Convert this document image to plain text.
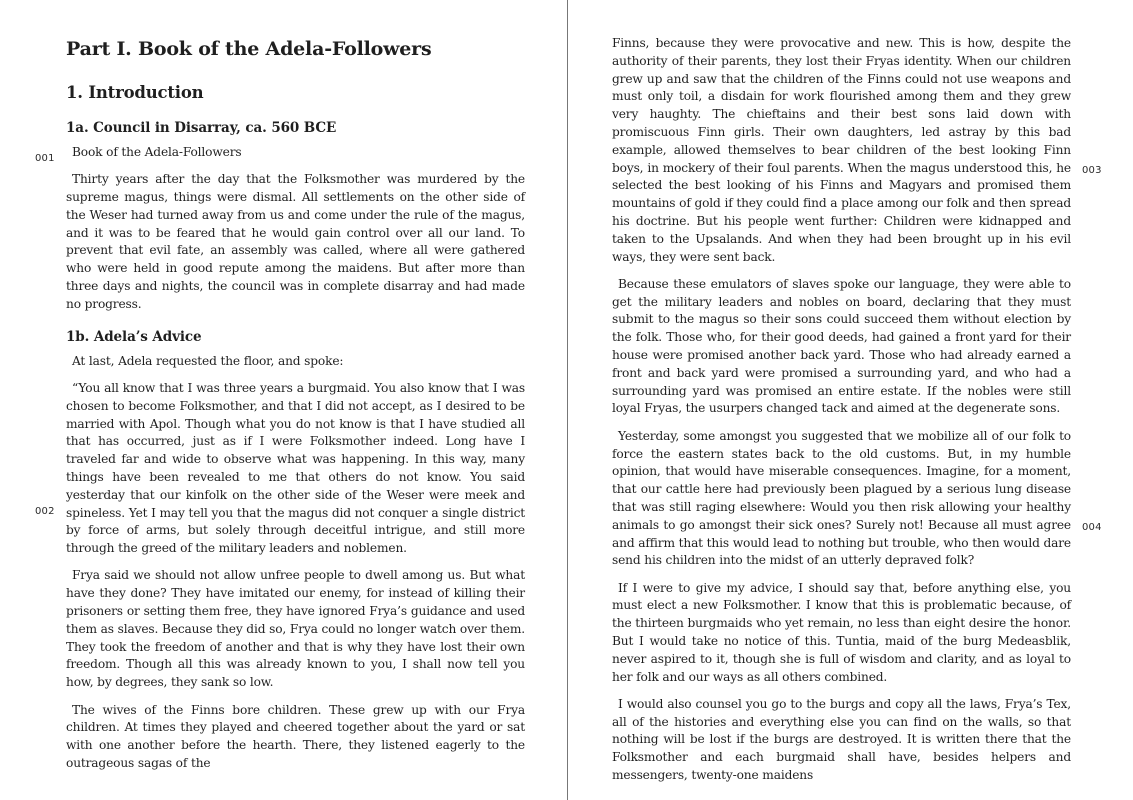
Part I. Book of the Adela-Followers
1. Introduction
1a. Council in Disarray, ca. 560 BCE

Book of the Adela-Followers

Thirty years after the day that the Folksmother was murdered by the supreme magus, things were dismal. All settlements on the other side of the Weser had turned away from us and come under the rule of the magus, and it was to be feared that he would gain control over all our land. To prevent that evil fate, an assembly was called, where all were gathered who were held in good repute among the maidens. But after more than three days and nights, the council was in complete disarray and had made no progress.

1b. Adela’s Advice

At last, Adela requested the floor, and spoke:

“You all know that I was three years a burgmaid. You also know that I was chosen to become Folksmother, and that I did not accept, as I desired to be married with Apol. Though what you do not know is that I have studied all that has occurred, just as if I were Folksmother indeed. Long have I traveled far and wide to observe what was happening. In this way, many things have been revealed to me that others do not know. You said yesterday that our kinfolk on the other side of the Weser were meek and spineless. Yet I may tell you that the magus did not conquer a single district by force of arms, but solely through deceitful intrigue, and still more through the greed of the military leaders and noblemen.

Frya said we should not allow unfree people to dwell among us. But what have they done? They have imitated our enemy, for instead of killing their prisoners or setting them free, they have ignored Frya’s guidance and used them as slaves. Because they did so, Frya could no longer watch over them. They took the freedom of another and that is why they have lost their own freedom. Though all this was already known to you, I shall now tell you how, by degrees, they sank so low.

The wives of the Finns bore children. These grew up with our Frya children. At times they played and cheered together about the yard or sat with one another before the hearth. There, they listened eagerly to the outrageous sagas of the

001
002

Finns, because they were provocative and new. This is how, despite the authority of their parents, they lost their Fryas identity. When our children grew up and saw that the children of the Finns could not use weapons and must only toil, a disdain for work flourished among them and they grew very haughty. The chieftains and their best sons laid down with promiscuous Finn girls. Their own daughters, led astray by this bad example, allowed themselves to bear children of the best looking Finn boys, in mockery of their foul parents. When the magus understood this, he selected the best looking of his Finns and Magyars and promised them mountains of gold if they could find a place among our folk and then spread his doctrine. But his people went further: Children were kidnapped and taken to the Upsalands. And when they had been brought up in his evil ways, they were sent back.

Because these emulators of slaves spoke our language, they were able to get the military leaders and nobles on board, declaring that they must submit to the magus so their sons could succeed them without election by the folk. Those who, for their good deeds, had gained a front yard for their house were promised another back yard. Those who had already earned a front and back yard were promised a surrounding yard, and who had a surrounding yard was promised an entire estate. If the nobles were still loyal Fryas, the usurpers changed tack and aimed at the degenerate sons.

Yesterday, some amongst you suggested that we mobilize all of our folk to force the eastern states back to the old customs. But, in my humble opinion, that would have miserable consequences. Imagine, for a moment, that our cattle here had previously been plagued by a serious lung disease that was still raging elsewhere: Would you then risk allowing your healthy animals to go amongst their sick ones? Surely not! Because all must agree and affirm that this would lead to nothing but trouble, who then would dare send his children into the midst of an utterly depraved folk?

If I were to give my advice, I should say that, before anything else, you must elect a new Folksmother. I know that this is problematic because, of the thirteen burgmaids who yet remain, no less than eight desire the honor. But I would take no notice of this. Tuntia, maid of the burg Medeasblik, never aspired to it, though she is full of wisdom and clarity, and as loyal to her folk and our ways as all others combined.

I would also counsel you go to the burgs and copy all the laws, Frya’s Tex, all of the histories and everything else you can find on the walls, so that nothing will be lost if the burgs are destroyed. It is written there that the Folksmother and each burgmaid shall have, besides helpers and messengers, twenty-one maidens

003
004
